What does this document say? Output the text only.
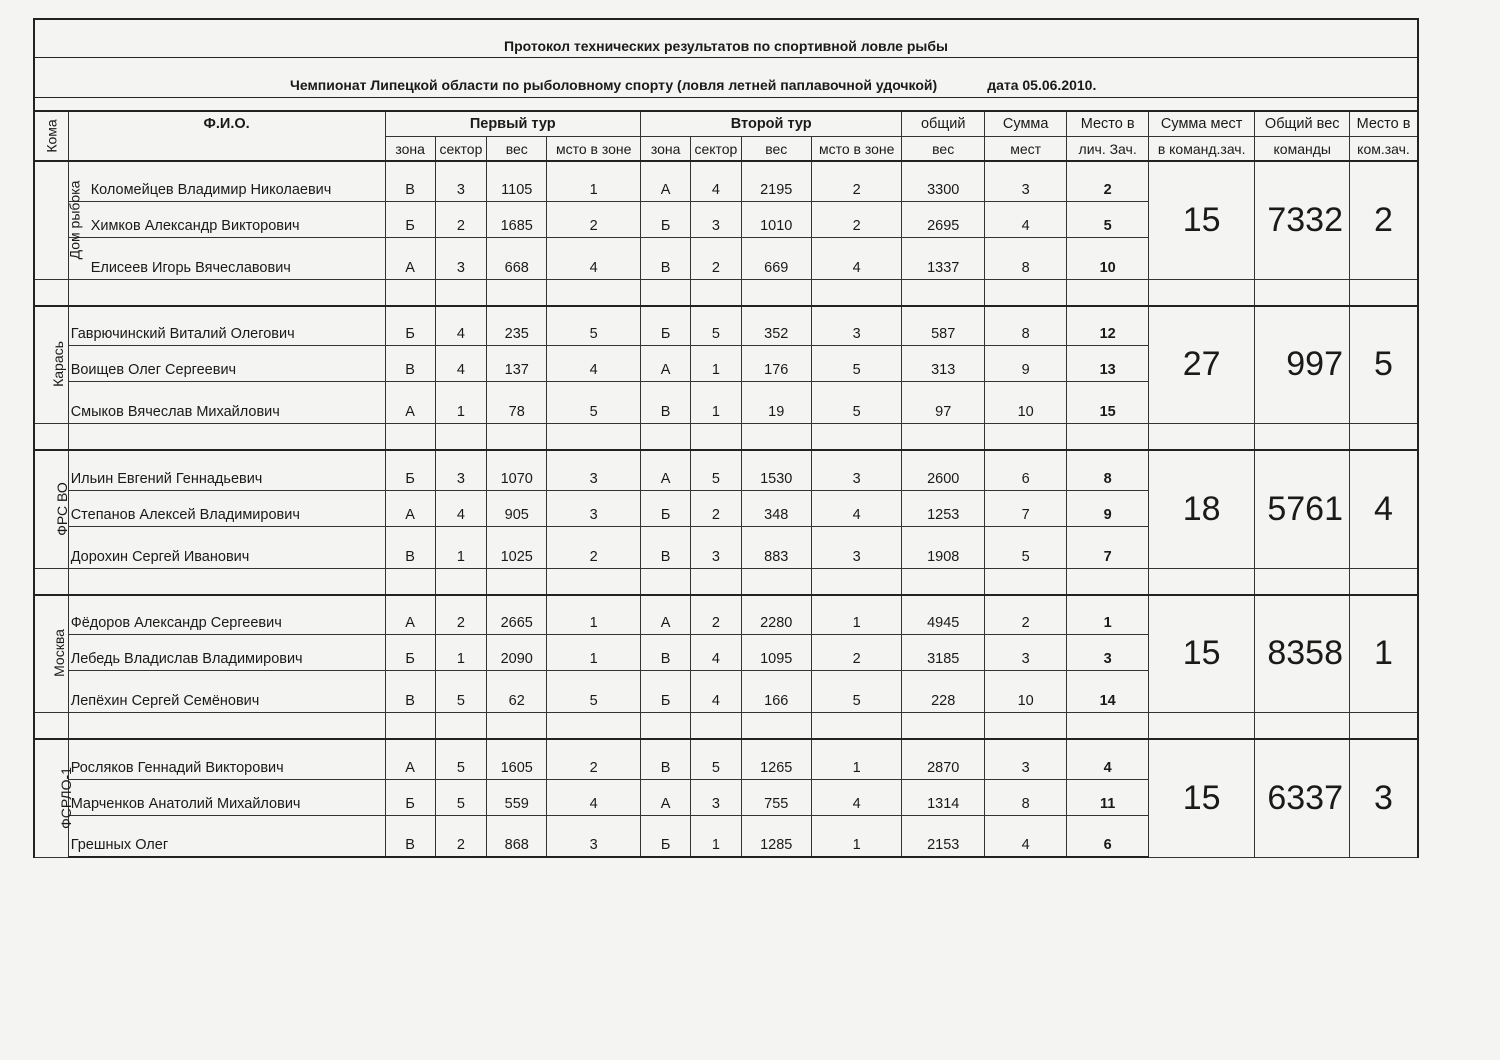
Протокол технических результатов по спортивной ловле рыбы
Чемпионат Липецкой области по рыболовному спорту (ловля летней паплавочной удочкой)	дата 05.06.2010.
Кома	Ф.И.О.	Первый тур				Второй тур				общий	Сумма	Место в	Сумма мест	Общий вес	Место в
		зона	сектор	вес	мсто в зоне	зона	сектор	вес	мсто в зоне	вес	мест	лич. Зач.	в команд.зач.	команды	ком.зач.
Дом рыбока	Коломейцев Владимир Николаевич	В	3	1105	1	А	4	2195	2	3300	3	2	15	7332	2
	Химков Александр Викторович	Б	2	1685	2	Б	3	1010	2	2695	4	5			
	Елисеев Игорь Вячеславович	А	3	668	4	В	2	669	4	1337	8	10			

Карась	Гаврючинский Виталий Олегович	Б	4	235	5	Б	5	352	3	587	8	12	27	997	5
	Воищев Олег Сергеевич	В	4	137	4	А	1	176	5	313	9	13			
	Смыков Вячеслав Михайлович	А	1	78	5	В	1	19	5	97	10	15			

ФРС ВО	Ильин Евгений Геннадьевич	Б	3	1070	3	А	5	1530	3	2600	6	8	18	5761	4
	Степанов Алексей Владимирович	А	4	905	3	Б	2	348	4	1253	7	9			
	Дорохин Сергей Иванович	В	1	1025	2	В	3	883	3	1908	5	7			

Москва	Фёдоров Александр Сергеевич	А	2	2665	1	А	2	2280	1	4945	2	1	15	8358	1
	Лебедь Владислав Владимирович	Б	1	2090	1	В	4	1095	2	3185	3	3			
	Лепёхин Сергей Семёнович	В	5	62	5	Б	4	166	5	228	10	14			

ФСРЛО-1	Росляков Геннадий Викторович	А	5	1605	2	В	5	1265	1	2870	3	4	15	6337	3
	Марченков Анатолий Михайлович	Б	5	559	4	А	3	755	4	1314	8	11			
	Грешных Олег	В	2	868	3	Б	1	1285	1	2153	4	6			
